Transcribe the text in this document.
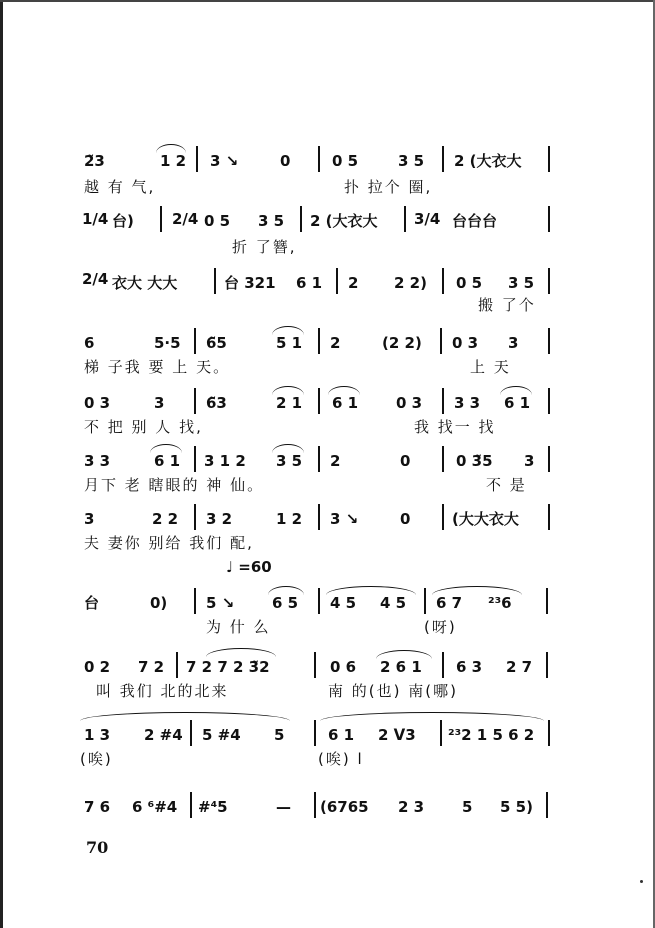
2̃3	1 2 3 ↘	0	0 5	3 5 2 (大衣大
越 有 气,	扑 拉个 圈,
1/4 台)	2/4 0 5 3 5 2 (大衣大 3/4 台台台
折 了簪,
2/4 衣大 大大	台 321 6 1 2 2 2) 0 5 3 5
搬 了个
6	5·5 6̃5	5 1 2	(2 2) 0 3 3
梯 子我 要 上 天。	上 天
0 3	3	6̃3	2 1 6 1	0 3 3 3 6 1
不 把 别 人 找,	我 找一 找
3 3	6 1 3 1 2 3 5 2	0	0 3̃5 3
月下 老 瞎眼的 神 仙。	不 是
3	2 2 3 2	1 2 3 ↘	0	(大大衣大
夫 妻你 别给 我们 配,
♩ =60
台	0)	5 ↘	6 5 4 5 4 5 6 7 ²³6
为 什 么	(呀)
0 2 7 2 7 2 7 2 3̃2	0 6 2 6 1 6 3 2 7
叫 我们 北的北来	南 的(也) 南(哪)
1 3 2 #4 5 #4 5	6 1 2 ᐯ3 ²³2 1 5 6 2
(唉)	(唉) l
7 6 6 ⁶#4 #⁴5	— (6765 2 3	5 5 5)
70
